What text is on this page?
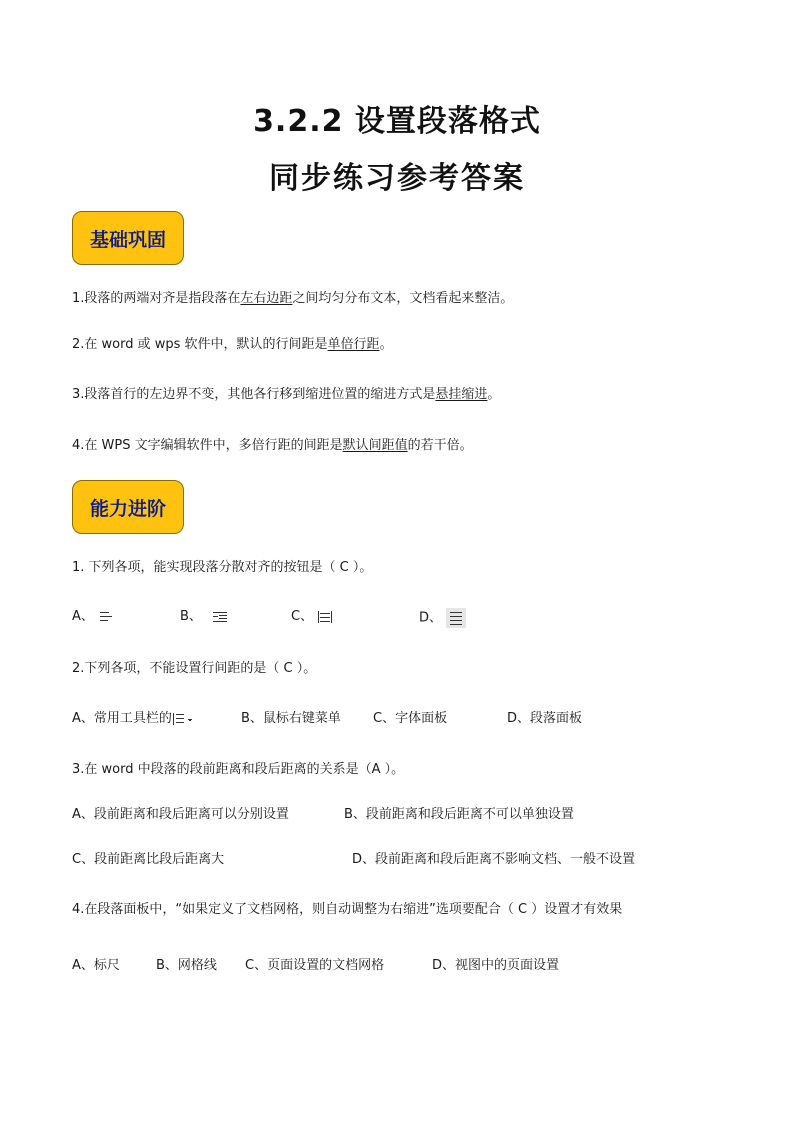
3.2.2 设置段落格式
同步练习参考答案
基础巩固
1.段落的两端对齐是指段落在左右边距之间均匀分布文本，文档看起来整洁。
2.在 word 或 wps 软件中，默认的行间距是单倍行距。
3.段落首行的左边界不变，其他各行移到缩进位置的缩进方式是悬挂缩进。
4.在 WPS 文字编辑软件中，多倍行距的间距是默认间距值的若干倍。
能力进阶
1. 下列各项，能实现段落分散对齐的按钮是（ C ）。
A、	B、	C、	D、
2.下列各项，不能设置行间距的是（ C ）。
A、常用工具栏的	B、鼠标右键菜单 C、字体面板	D、段落面板
3.在 word 中段落的段前距离和段后距离的关系是（A ）。
A、段前距离和段后距离可以分别设置	B、段前距离和段后距离不可以单独设置
C、段前距离比段后距离大	D、段前距离和段后距离不影响文档、一般不设置
4.在段落面板中，“如果定义了文档网格，则自动调整为右缩进”选项要配合（ C ）设置才有效果
A、标尺	B、网格线 C、页面设置的文档网格	D、视图中的页面设置
